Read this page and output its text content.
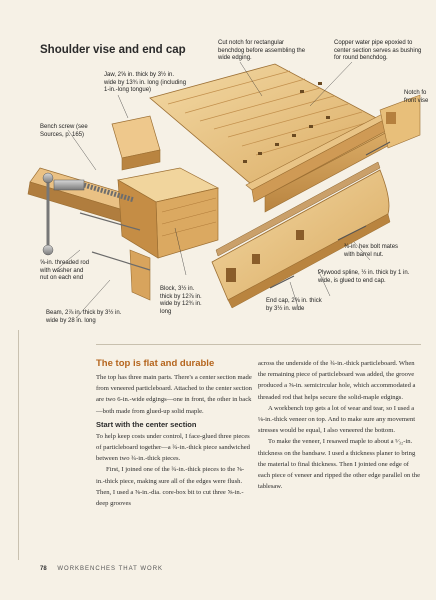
Shoulder vise and end cap
Jaw, 2⅝ in. thick by 3½ in.
wide by 13¾ in. long (including
1-in.-long tongue)
Bench screw (see
Sources, p. 165)
⅝-in. threaded rod
with washer and
nut on each end
Beam, 2⅞ in. thick by 3½ in.
wide by 28 in. long
Block, 3½ in.
thick by 12⅞ in.
wide by 12¾ in.
long
Cut notch for rectangular
benchdog before assembling the
wide edging.
Copper water pipe epoxied to
center section serves as bushing
for round benchdog.
Notch fo
front vise
⅜-in. hex bolt mates
with barrel nut.
Plywood spline, ½ in. thick by 1 in.
wide, is glued to end cap.
End cap, 2⅝ in. thick
by 3½ in. wide
The top is flat and durable

The top has three main parts. There's a center section made from veneered particleboard. Attached to the center section are two 6-in.-wide edgings—one in front, the other in back—both made from glued-up solid maple.

Start with the center section

To help keep costs under control, I face-glued three pieces of particleboard together—a ¾-in.-thick piece sandwiched between two ¾-in.-thick pieces.

First, I joined one of the ¾-in.-thick pieces to the ⅝-in.-thick piece, making sure all of the edges were flush. Then, I used a ⅝-in.-dia. core-box bit to cut three ⅝-in.-deep grooves

across the underside of the ¾-in.-thick particleboard. When the remaining piece of particleboard was added, the groove produced a ⅝-in. semicircular hole, which accommodated a threaded rod that helps secure the solid-maple edgings.

A workbench top gets a lot of wear and tear, so I used a ⅛-in.-thick veneer on top. And to make sure any movement stresses would be equal, I also veneered the bottom.

To make the veneer, I resawed maple to about a ⁵⁄₃₂-in. thickness on the bandsaw. I used a thickness planer to bring the material to final thickness. Then I jointed one edge of each piece of veneer and ripped the other edge parallel on the tablesaw.

78 WORKBENCHES THAT WORK
